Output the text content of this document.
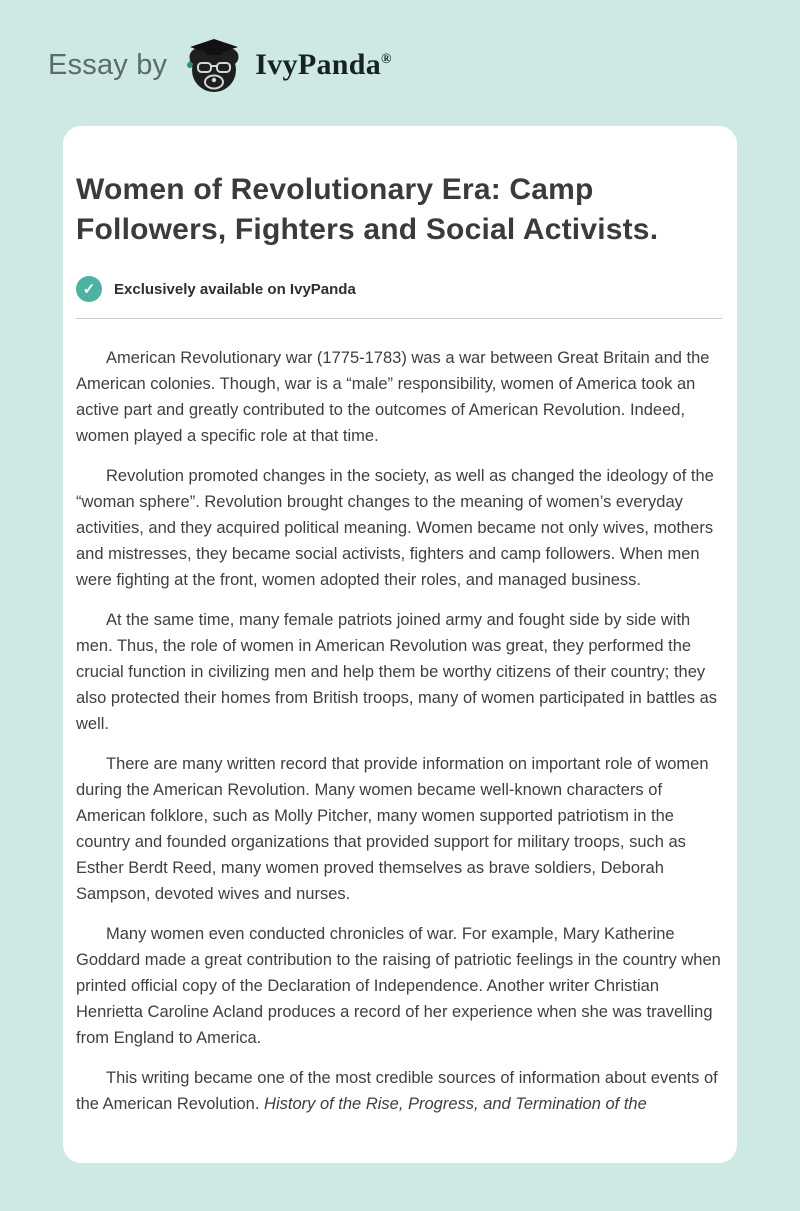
Essay by	IvyPanda®
Women of Revolutionary Era: Camp Followers, Fighters and Social Activists.
✓	Exclusively available on IvyPanda

American Revolutionary war (1775-1783) was a war between Great Britain and the American colonies. Though, war is a “male” responsibility, women of America took an active part and greatly contributed to the outcomes of American Revolution. Indeed, women played a specific role at that time.

Revolution promoted changes in the society, as well as changed the ideology of the “woman sphere”. Revolution brought changes to the meaning of women’s everyday activities, and they acquired political meaning. Women became not only wives, mothers and mistresses, they became social activists, fighters and camp followers. When men were fighting at the front, women adopted their roles, and managed business.

At the same time, many female patriots joined army and fought side by side with men. Thus, the role of women in American Revolution was great, they performed the crucial function in civilizing men and help them be worthy citizens of their country; they also protected their homes from British troops, many of women participated in battles as well.

There are many written record that provide information on important role of women during the American Revolution. Many women became well-known characters of American folklore, such as Molly Pitcher, many women supported patriotism in the country and founded organizations that provided support for military troops, such as Esther Berdt Reed, many women proved themselves as brave soldiers, Deborah Sampson, devoted wives and nurses.

Many women even conducted chronicles of war. For example, Mary Katherine Goddard made a great contribution to the raising of patriotic feelings in the country when printed official copy of the Declaration of Independence. Another writer Christian Henrietta Caroline Acland produces a record of her experience when she was travelling from England to America.

This writing became one of the most credible sources of information about events of the American Revolution. History of the Rise, Progress, and Termination of the
